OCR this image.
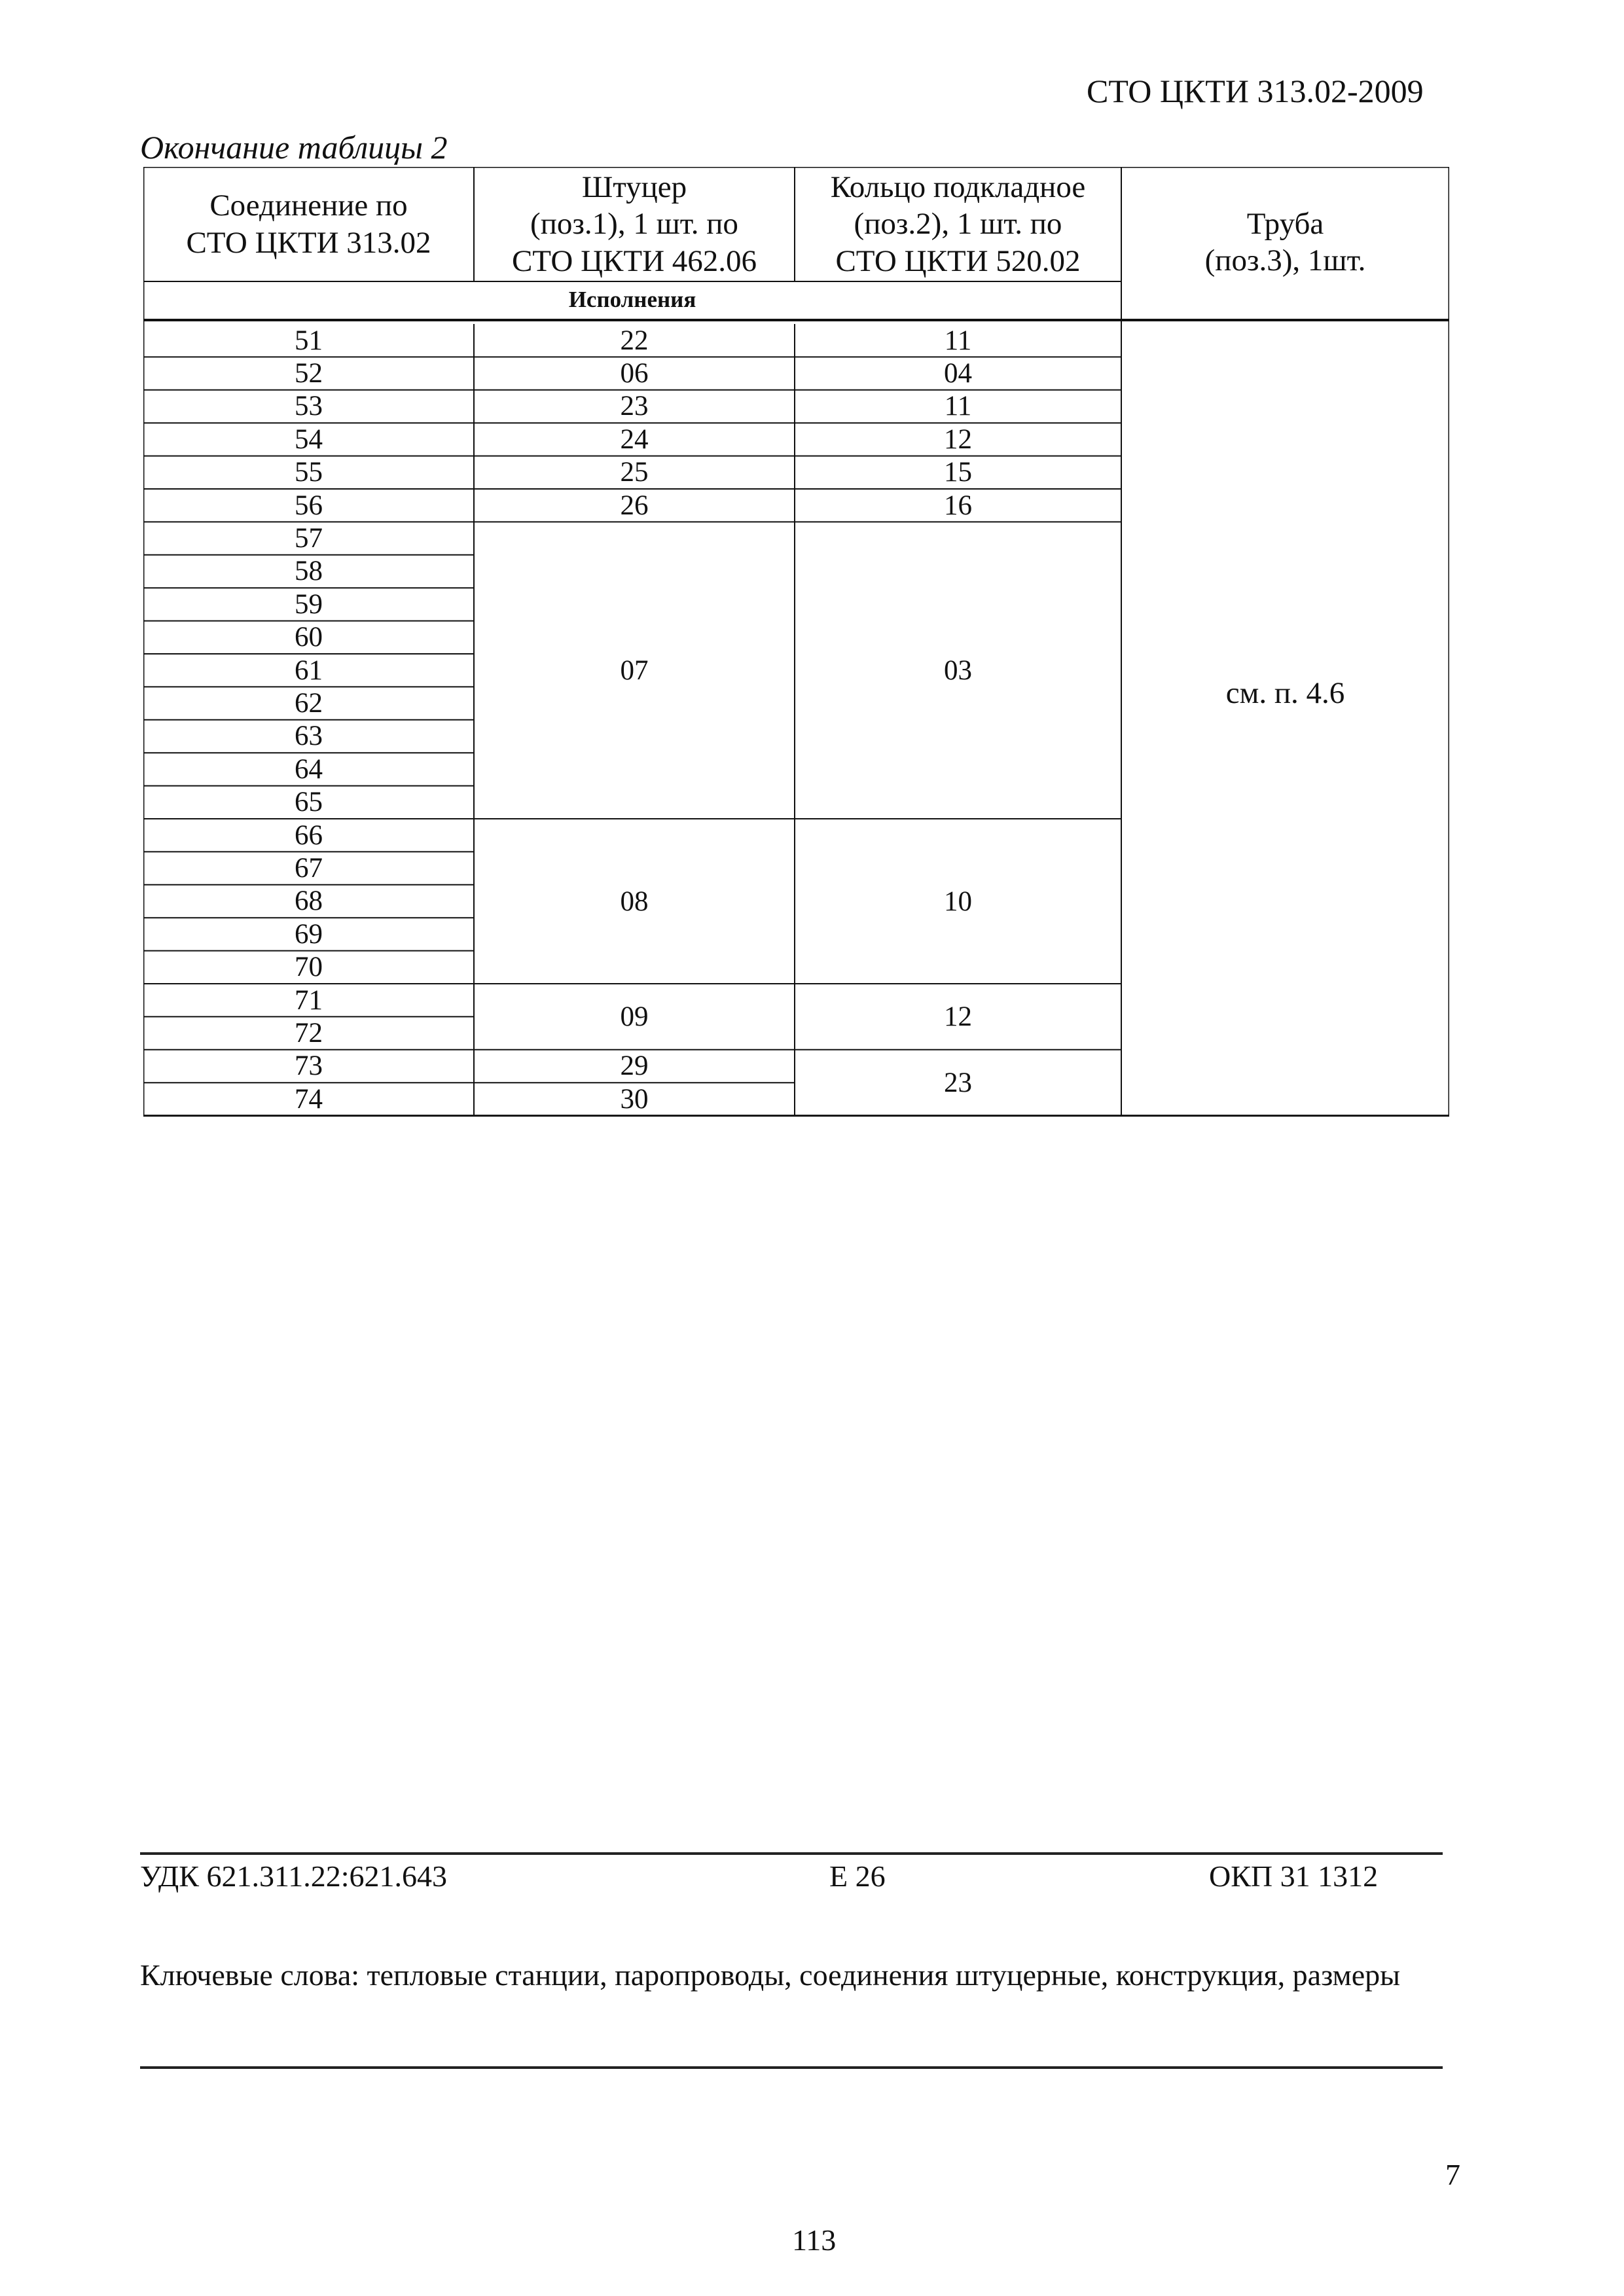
СТО ЦКТИ 313.02-2009
Окончание таблицы 2
Соединение по
СТО ЦКТИ 313.02
Штуцер
(поз.1), 1 шт. по
СТО ЦКТИ 462.06
Кольцо подкладное
(поз.2), 1 шт. по
СТО ЦКТИ 520.02
Труба
(поз.3), 1шт.
Исполнения
51
52
53
54
55
56
57
58
59
60
61
62
63
64
65
66
67
68
69
70
71
72
73
74
22
06
23
24
25
26
07
08
09
29
30
11
04
11
12
15
16
03
10
12
23
см. п. 4.6
УДК 621.311.22:621.643	Е 26	ОКП 31 1312
Ключевые слова: тепловые станции, паропроводы, соединения штуцерные, конструкция, размеры
7
113
